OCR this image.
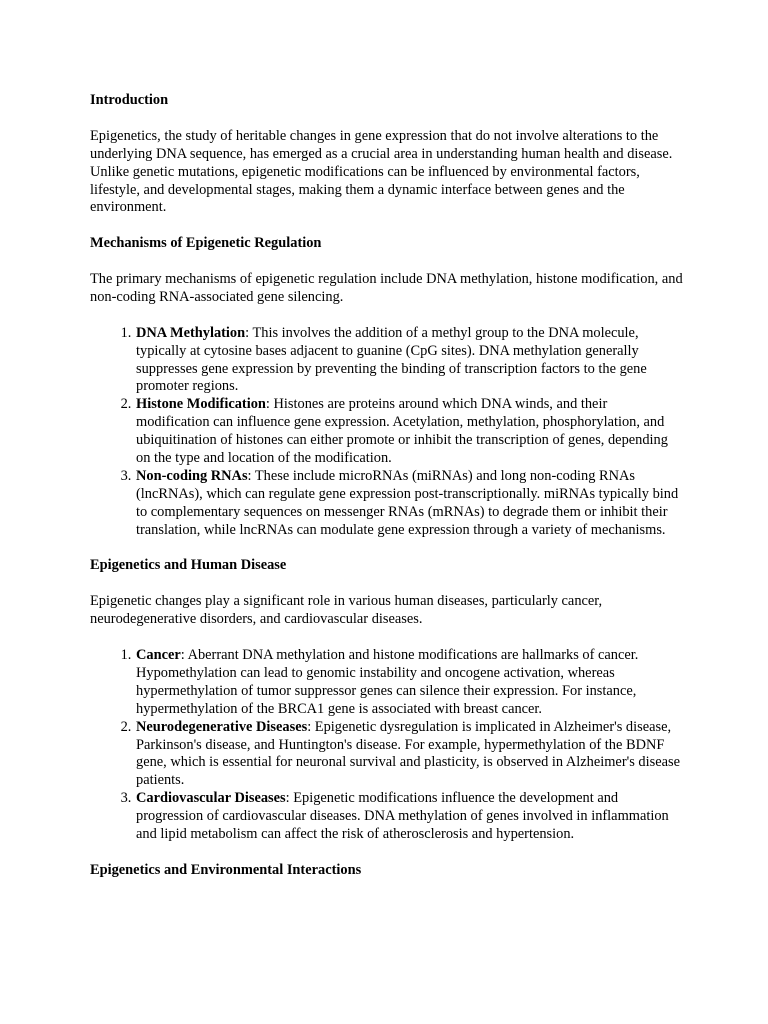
Introduction

Epigenetics, the study of heritable changes in gene expression that do not involve alterations to the underlying DNA sequence, has emerged as a crucial area in understanding human health and disease. Unlike genetic mutations, epigenetic modifications can be influenced by environmental factors, lifestyle, and developmental stages, making them a dynamic interface between genes and the environment.

Mechanisms of Epigenetic Regulation

The primary mechanisms of epigenetic regulation include DNA methylation, histone modification, and non-coding RNA-associated gene silencing.

1. DNA Methylation: This involves the addition of a methyl group to the DNA molecule, typically at cytosine bases adjacent to guanine (CpG sites). DNA methylation generally suppresses gene expression by preventing the binding of transcription factors to the gene promoter regions.
2. Histone Modification: Histones are proteins around which DNA winds, and their modification can influence gene expression. Acetylation, methylation, phosphorylation, and ubiquitination of histones can either promote or inhibit the transcription of genes, depending on the type and location of the modification.
3. Non-coding RNAs: These include microRNAs (miRNAs) and long non-coding RNAs (lncRNAs), which can regulate gene expression post-transcriptionally. miRNAs typically bind to complementary sequences on messenger RNAs (mRNAs) to degrade them or inhibit their translation, while lncRNAs can modulate gene expression through a variety of mechanisms.
Epigenetics and Human Disease

Epigenetic changes play a significant role in various human diseases, particularly cancer, neurodegenerative disorders, and cardiovascular diseases.

1. Cancer: Aberrant DNA methylation and histone modifications are hallmarks of cancer. Hypomethylation can lead to genomic instability and oncogene activation, whereas hypermethylation of tumor suppressor genes can silence their expression. For instance, hypermethylation of the BRCA1 gene is associated with breast cancer.
2. Neurodegenerative Diseases: Epigenetic dysregulation is implicated in Alzheimer's disease, Parkinson's disease, and Huntington's disease. For example, hypermethylation of the BDNF gene, which is essential for neuronal survival and plasticity, is observed in Alzheimer's disease patients.
3. Cardiovascular Diseases: Epigenetic modifications influence the development and progression of cardiovascular diseases. DNA methylation of genes involved in inflammation and lipid metabolism can affect the risk of atherosclerosis and hypertension.
Epigenetics and Environmental Interactions
